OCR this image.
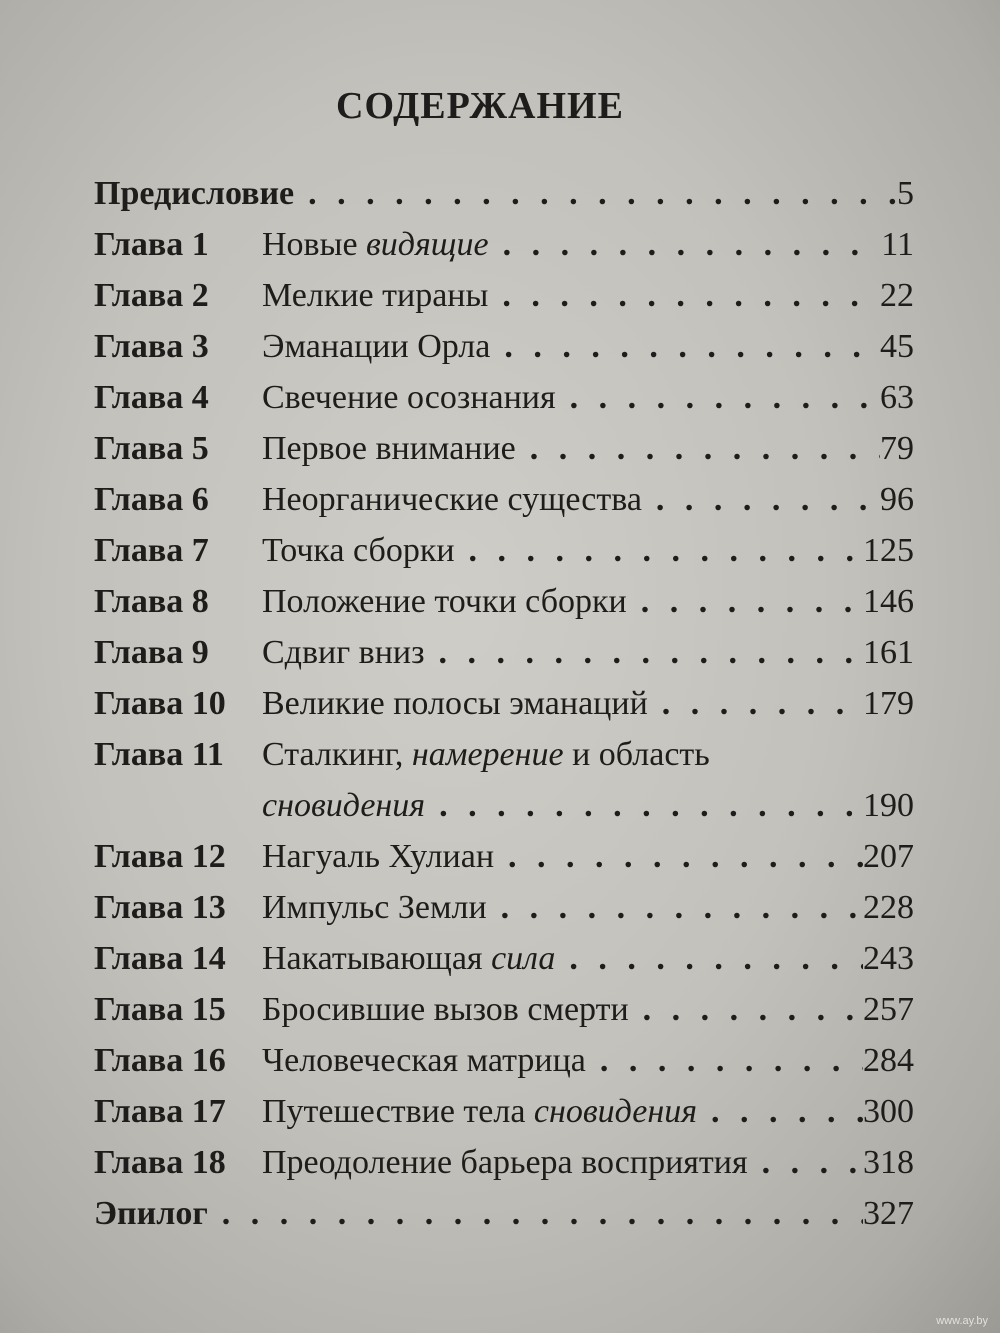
СОДЕРЖАНИЕ
Предисловие . . .	5
Глава 1	Новые видящие . . .	11
Глава 2	Мелкие тираны . . .	22
Глава 3	Эманации Орла . . .	45
Глава 4	Свечение осознания . . .	63
Глава 5	Первое внимание . . .	79
Глава 6	Неорганические существа . . .	96
Глава 7	Точка сборки . . .	125
Глава 8	Положение точки сборки . . .	146
Глава 9	Сдвиг вниз . . .	161
Глава 10	Великие полосы эманаций . . .	179
Глава 11	Сталкинг, намерение и область
сновидения . . .	190
Глава 12	Нагуаль Хулиан . . .	207
Глава 13	Импульс Земли . . .	228
Глава 14	Накатывающая сила . . .	243
Глава 15	Бросившие вызов смерти . . .	257
Глава 16	Человеческая матрица . . .	284
Глава 17	Путешествие тела сновидения . . .	300
Глава 18	Преодоление барьера восприятия . . .	318
Эпилог . . .	327
www.ay.by
